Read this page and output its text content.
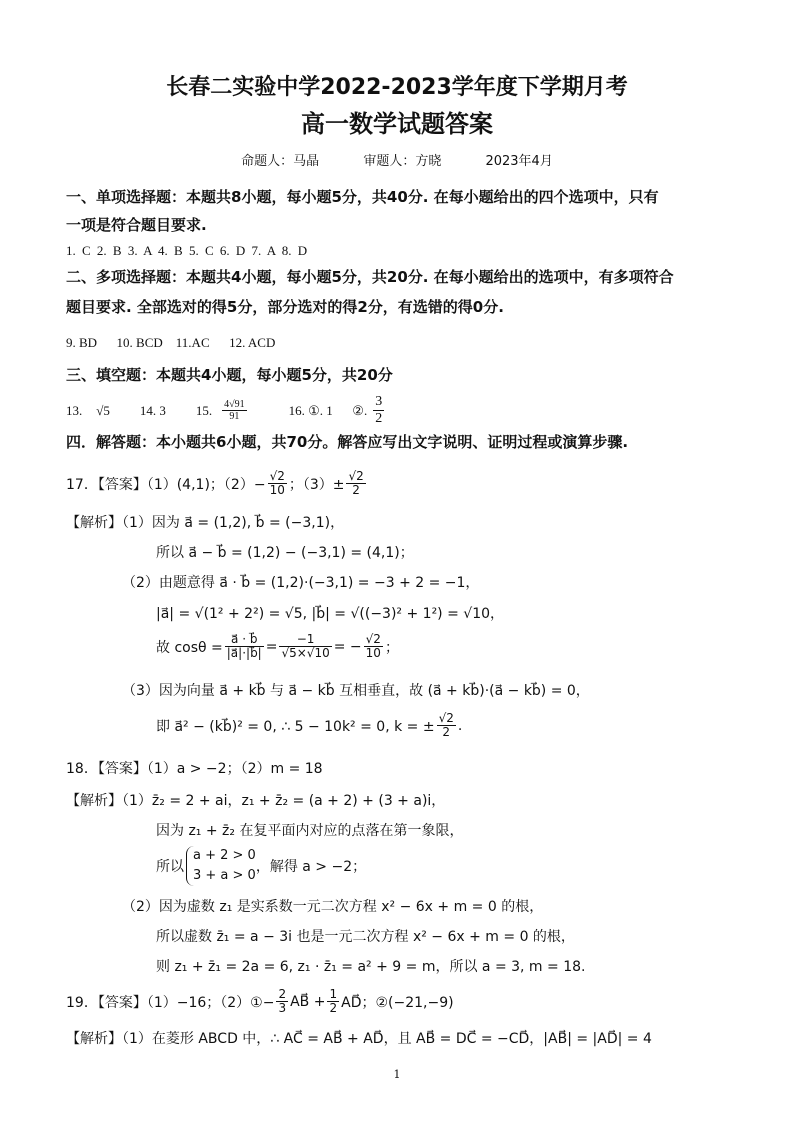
长春二实验中学2022-2023学年度下学期月考
高一数学试题答案
命题人：马晶	审题人：方晓	2023年4月
一、单项选择题：本题共8小题，每小题5分，共40分. 在每小题给出的四个选项中，只有
一项是符合题目要求.
1. C 2. B 3. A 4. B 5. C 6. D 7. A 8. D
二、多项选择题：本题共4小题，每小题5分，共20分. 在每小题给出的选项中，有多项符合
题目要求. 全部选对的得5分，部分选对的得2分，有选错的得0分.
9. BD      10. BCD    11.AC      12. ACD
三、填空题：本题共4小题，每小题5分，共20分
13. √5 14. 3 15. $\frac{4√91}{91}$	16. ①. 1      ②. $\frac{3}{2}$
四．解答题：本小题共6小题，共70分。解答应写出文字说明、证明过程或演算步骤.
17．【答案】（1）(4,1)；$(2)- \frac{√2}{10}$ ；$(3)\pm \frac{√2}{2}$
【解析】（1）因为 a⃗ = (1,2), b⃗ = (−3,1)，
所以 a⃗ − b⃗ = (1,2) − (−3,1) = (4,1)；
（2）由题意得 a⃗ · b⃗ = (1,2)·(−3,1) = −3 + 2 = −1，
|a⃗| = √(1² + 2²) = √5, |b⃗| = √((−3)² + 1²) = √10，
故 $\cos\theta = \frac{a⃗ \cdot b⃗}{|a⃗|\cdot|b⃗|} = \frac{-1}{√5\times√10}$ = − $\frac{√2}{10}$ ；
（3）因为向量 a⃗ + kb⃗ 与 a⃗ − kb⃗ 互相垂直，故 (a⃗ + kb⃗)·(a⃗ − kb⃗) = 0，
即 a⃗² − (kb⃗)² = 0, ∴ 5 − 10k² = 0, k = ± $\frac{√2}{2}$ .
18．【答案】（1）a > −2；（2）m = 18
【解析】（1）z̄₂ = 2 + ai，z₁ + z̄₂ = (a + 2) + (3 + a)i，
因为 z₁ + z̄₂ 在复平面内对应的点落在第一象限，
所以
a + 2 > 0
3 + a > 0
，解得 a > −2；
（2）因为虚数 z₁ 是实系数一元二次方程 x² − 6x + m = 0 的根，
所以虚数 z̄₁ = a − 3i 也是一元二次方程 x² − 6x + m = 0 的根，
则 z₁ + z̄₁ = 2a = 6, z₁ · z̄₁ = a² + 9 = m，所以 a = 3, m = 18.
19．【答案】（1）−16；（2）①− $\frac{2}{3}$ AB⃗ + $\frac{1}{2}$ AD⃗；②(−21,−9)
【解析】（1）在菱形 ABCD 中，∴ AC⃗ = AB⃗ + AD⃗，且 AB⃗ = DC⃗ = −CD⃗，|AB⃗| = |AD⃗| = 4
1
